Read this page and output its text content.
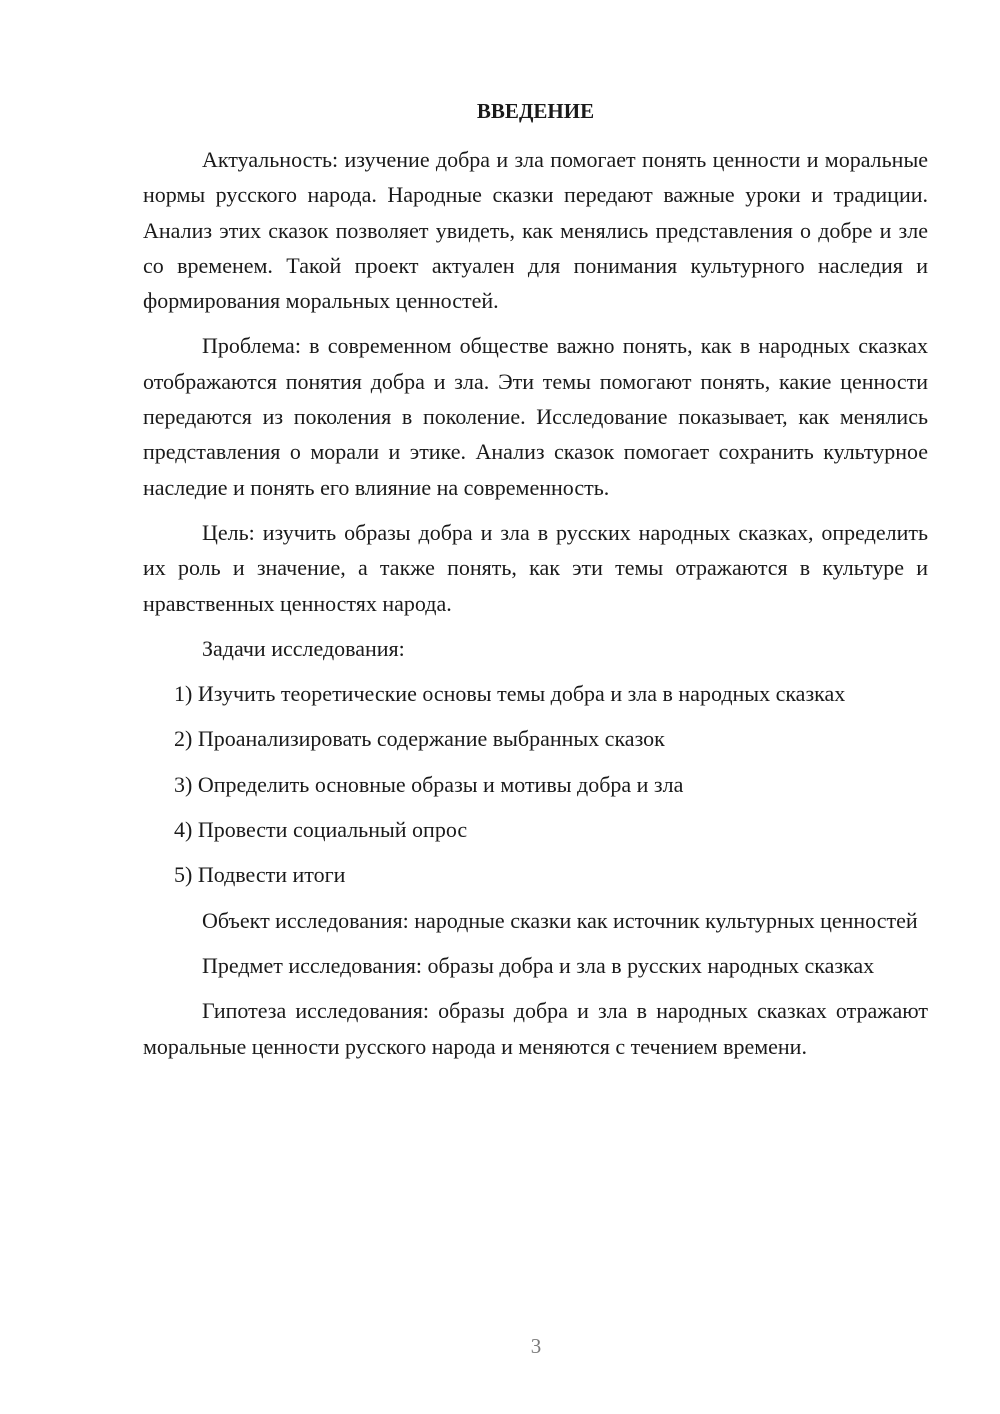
ВВЕДЕНИЕ

Актуальность: изучение добра и зла помогает понять ценности и моральные нормы русского народа. Народные сказки передают важные уроки и традиции. Анализ этих сказок позволяет увидеть, как менялись представления о добре и зле со временем. Такой проект актуален для понимания культурного наследия и формирования моральных ценностей.

Проблема: в современном обществе важно понять, как в народных сказках отображаются понятия добра и зла. Эти темы помогают понять, какие ценности передаются из поколения в поколение. Исследование показывает, как менялись представления о морали и этике. Анализ сказок помогает сохранить культурное наследие и понять его влияние на современность.

Цель: изучить образы добра и зла в русских народных сказках, определить их роль и значение, а также понять, как эти темы отражаются в культуре и нравственных ценностях народа.

Задачи исследования:

1) Изучить теоретические основы темы добра и зла в народных сказках

2) Проанализировать содержание выбранных сказок

3) Определить основные образы и мотивы добра и зла

4) Провести социальный опрос

5) Подвести итоги

Объект исследования: народные сказки как источник культурных ценностей

Предмет исследования: образы добра и зла в русских народных сказках

Гипотеза исследования: образы добра и зла в народных сказках отражают моральные ценности русского народа и меняются с течением времени.

3
